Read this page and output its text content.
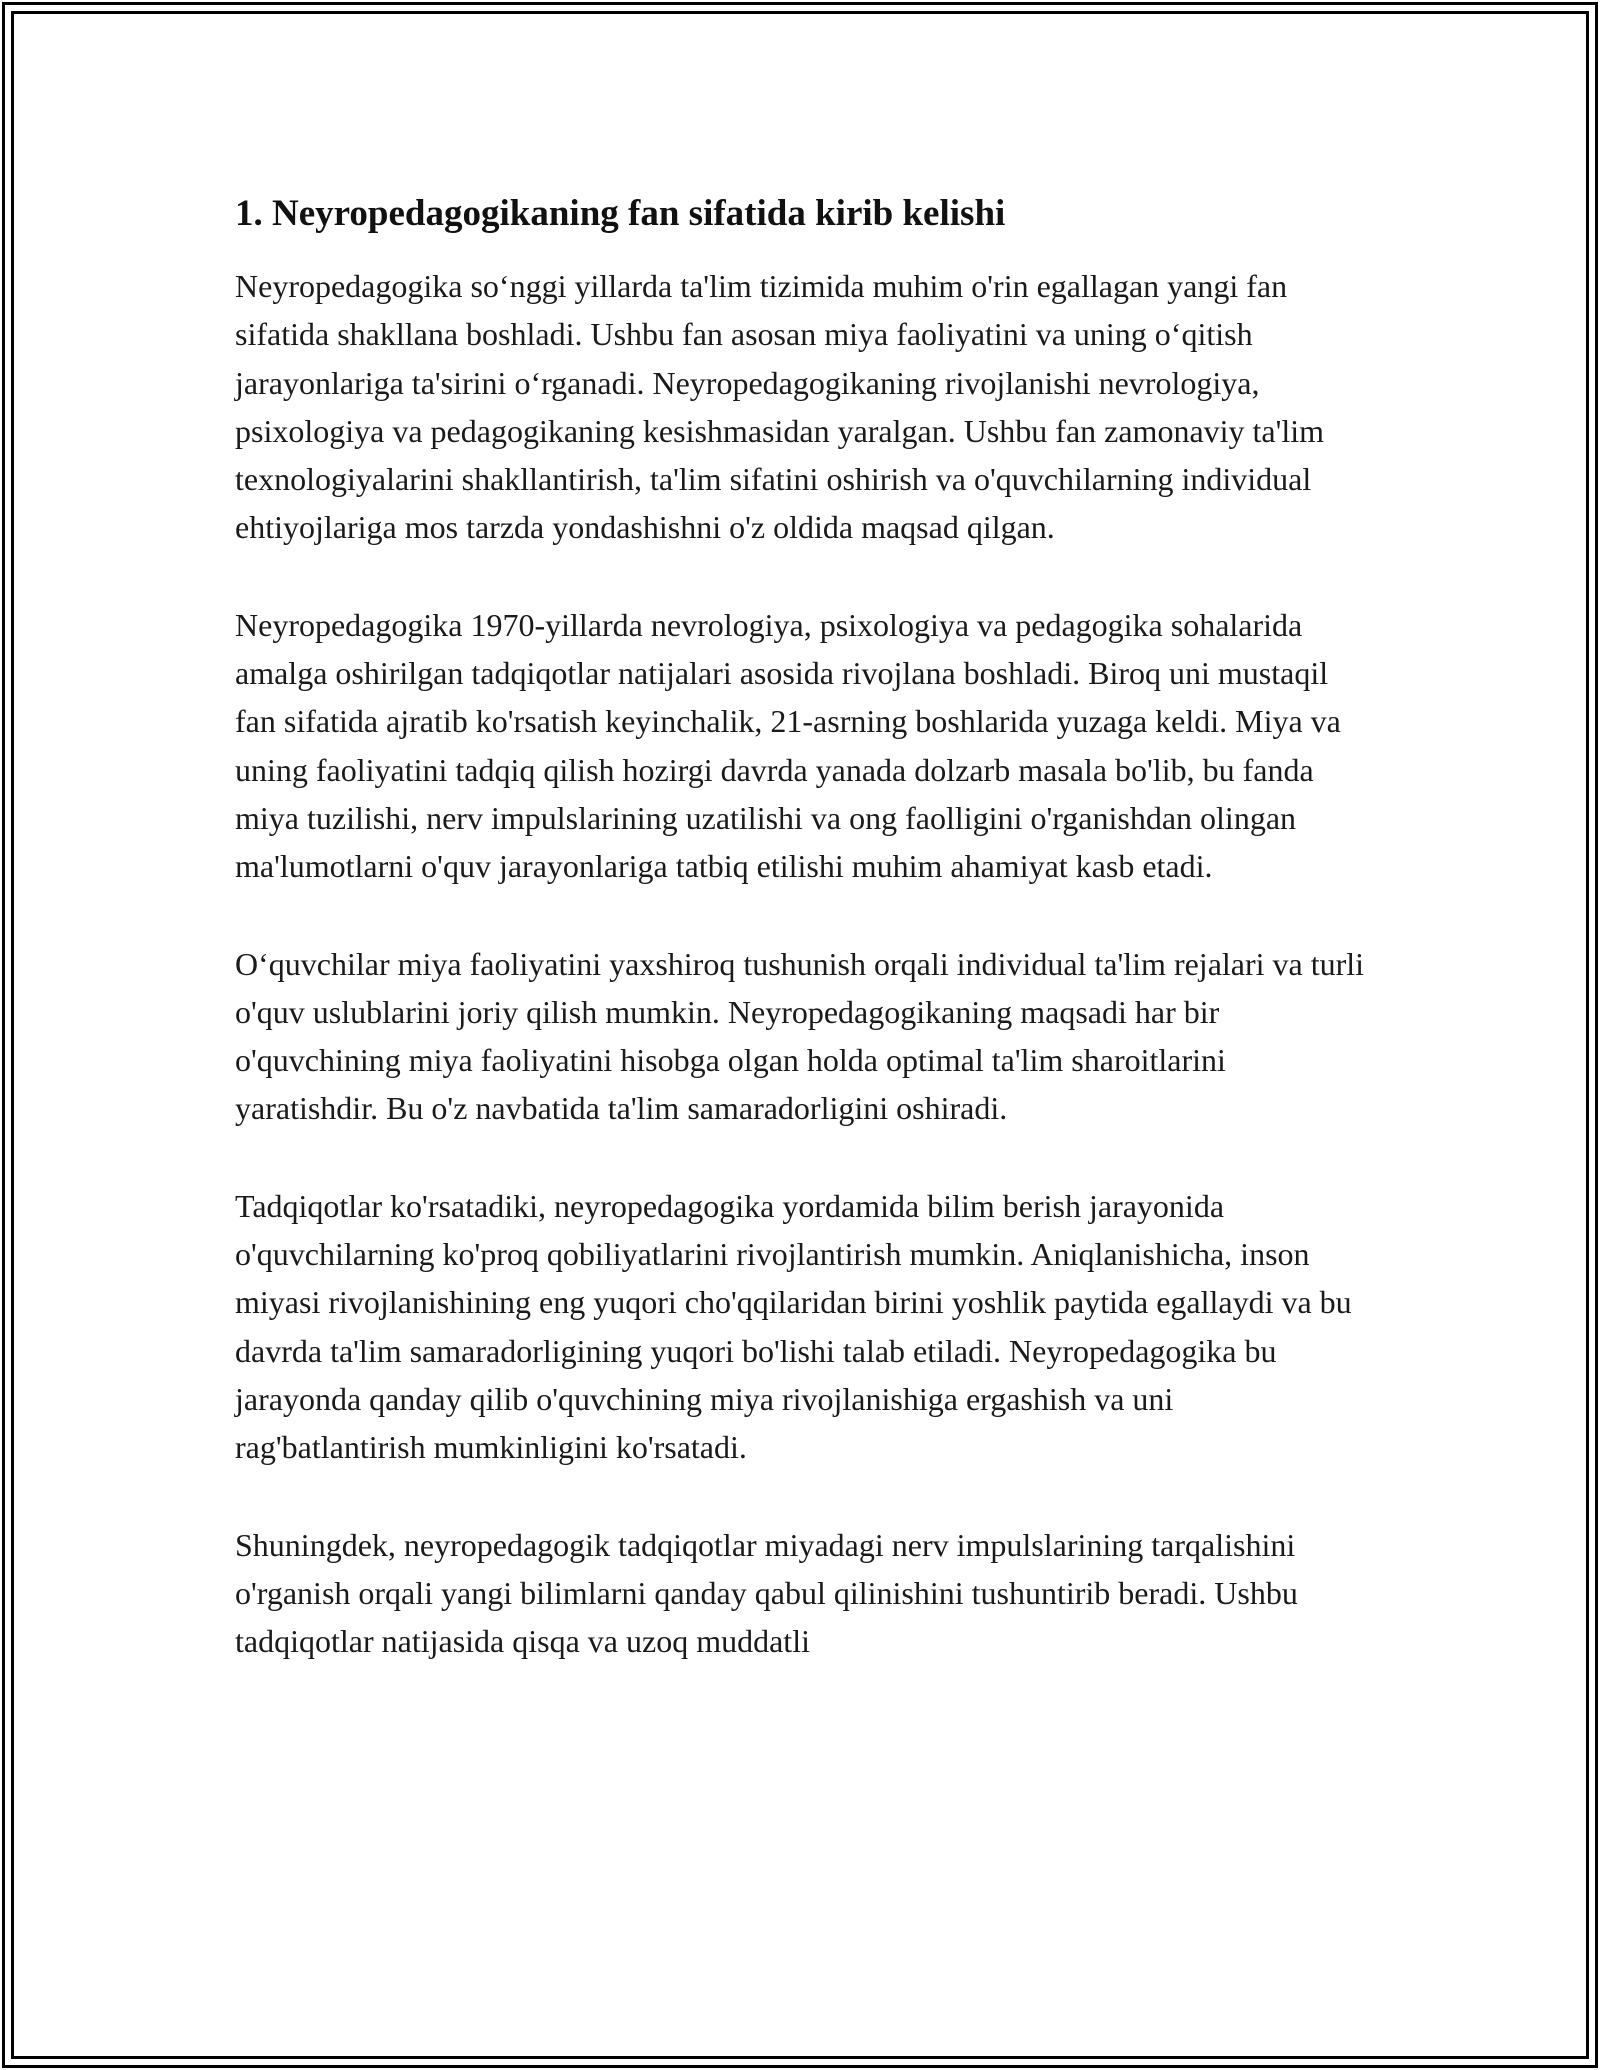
1. Neyropedagogikaning fan sifatida kirib kelishi

Neyropedagogika so‘nggi yillarda ta'lim tizimida muhim o'rin egallagan yangi fan sifatida shakllana boshladi. Ushbu fan asosan miya faoliyatini va uning o‘qitish jarayonlariga ta'sirini o‘rganadi. Neyropedagogikaning rivojlanishi nevrologiya, psixologiya va pedagogikaning kesishmasidan yaralgan. Ushbu fan zamonaviy ta'lim texnologiyalarini shakllantirish, ta'lim sifatini oshirish va o'quvchilarning individual ehtiyojlariga mos tarzda yondashishni o'z oldida maqsad qilgan.

Neyropedagogika 1970-yillarda nevrologiya, psixologiya va pedagogika sohalarida amalga oshirilgan tadqiqotlar natijalari asosida rivojlana boshladi. Biroq uni mustaqil fan sifatida ajratib ko'rsatish keyinchalik, 21-asrning boshlarida yuzaga keldi. Miya va uning faoliyatini tadqiq qilish hozirgi davrda yanada dolzarb masala bo'lib, bu fanda miya tuzilishi, nerv impulslarining uzatilishi va ong faolligini o'rganishdan olingan ma'lumotlarni o'quv jarayonlariga tatbiq etilishi muhim ahamiyat kasb etadi.

O‘quvchilar miya faoliyatini yaxshiroq tushunish orqali individual ta'lim rejalari va turli o'quv uslublarini joriy qilish mumkin. Neyropedagogikaning maqsadi har bir o'quvchining miya faoliyatini hisobga olgan holda optimal ta'lim sharoitlarini yaratishdir. Bu o'z navbatida ta'lim samaradorligini oshiradi.

Tadqiqotlar ko'rsatadiki, neyropedagogika yordamida bilim berish jarayonida o'quvchilarning ko'proq qobiliyatlarini rivojlantirish mumkin. Aniqlanishicha, inson miyasi rivojlanishining eng yuqori cho'qqilaridan birini yoshlik paytida egallaydi va bu davrda ta'lim samaradorligining yuqori bo'lishi talab etiladi. Neyropedagogika bu jarayonda qanday qilib o'quvchining miya rivojlanishiga ergashish va uni rag'batlantirish mumkinligini ko'rsatadi.

Shuningdek, neyropedagogik tadqiqotlar miyadagi nerv impulslarining tarqalishini o'rganish orqali yangi bilimlarni qanday qabul qilinishini tushuntirib beradi. Ushbu tadqiqotlar natijasida qisqa va uzoq muddatli
